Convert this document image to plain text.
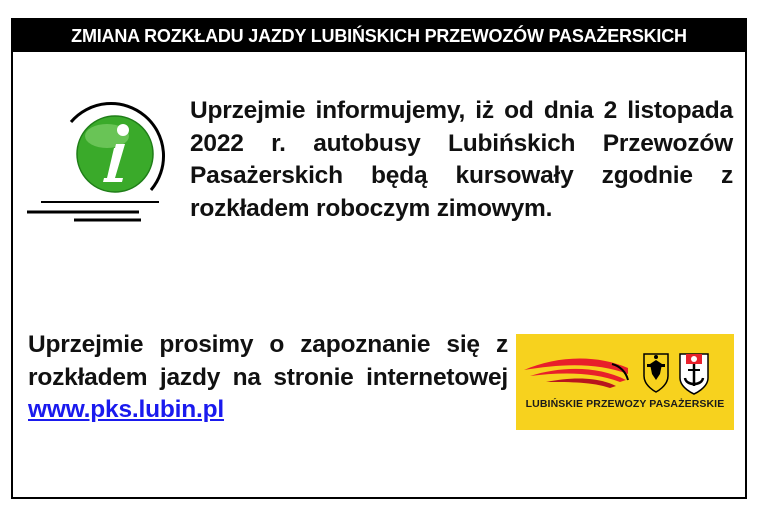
ZMIANA ROZKŁADU JAZDY LUBIŃSKICH PRZEWOZÓW PASAŻERSKICH

Uprzejmie informujemy, iż od dnia 2 listopada 2022 r. autobusy Lubińskich Przewozów Pasażerskich będą kursowały zgodnie z rozkładem roboczym zimowym.

Uprzejmie prosimy o zapoznanie się z rozkładem jazdy na stronie internetowej www.pks.lubin.pl	LUBIŃSKIE PRZEWOZY PASAŻERSKIE
